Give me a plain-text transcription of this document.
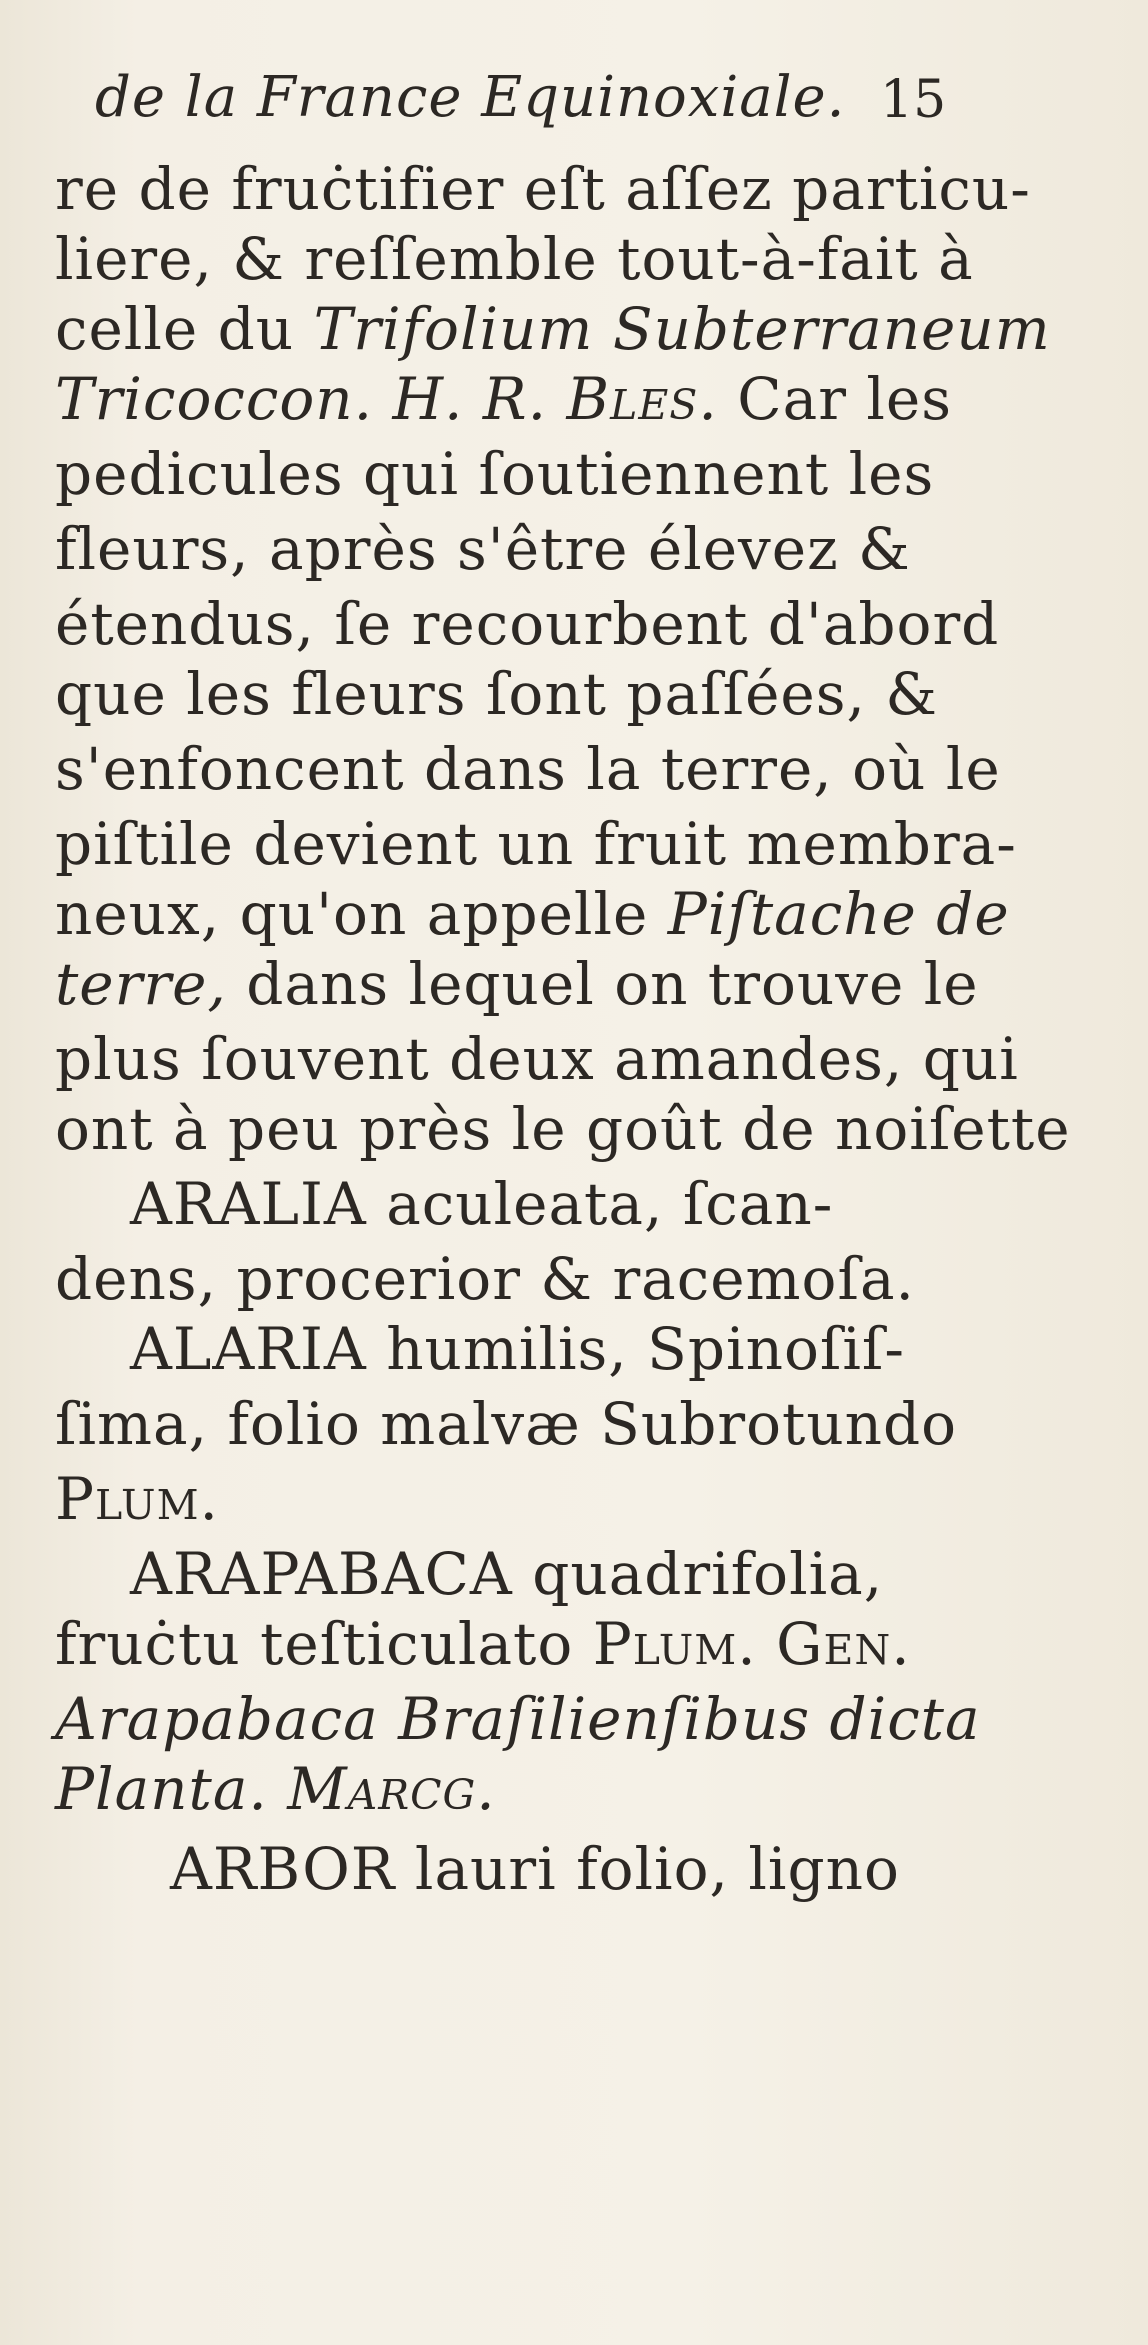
de la France Equinoxiale. 15
re de fruċtifier eſt aſſez particu-
liere, & reſſemble tout-à-fait à
celle du Trifolium Subterraneum
Tricoccon. H. R. Bles. Car les
pedicules qui ſoutiennent les
fleurs, après s'être élevez &
étendus, ſe recourbent d'abord
que les fleurs ſont paſſées, &
s'enfoncent dans la terre, où le
piſtile devient un fruit membra-
neux, qu'on appelle Piſtache de
terre, dans lequel on trouve le
plus ſouvent deux amandes, qui
ont à peu près le goût de noiſette
ARALIA aculeata, ſcan-
dens, procerior & racemoſa.
ALARIA humilis, Spinoſiſ-
ſima, folio malvæ Subrotundo
Plum.
ARAPABACA quadrifolia,
fruċtu teſticulato Plum. Gen.
Arapabaca Braſilienſibus dicta
Planta. Marcg.
ARBOR lauri folio, ligno
